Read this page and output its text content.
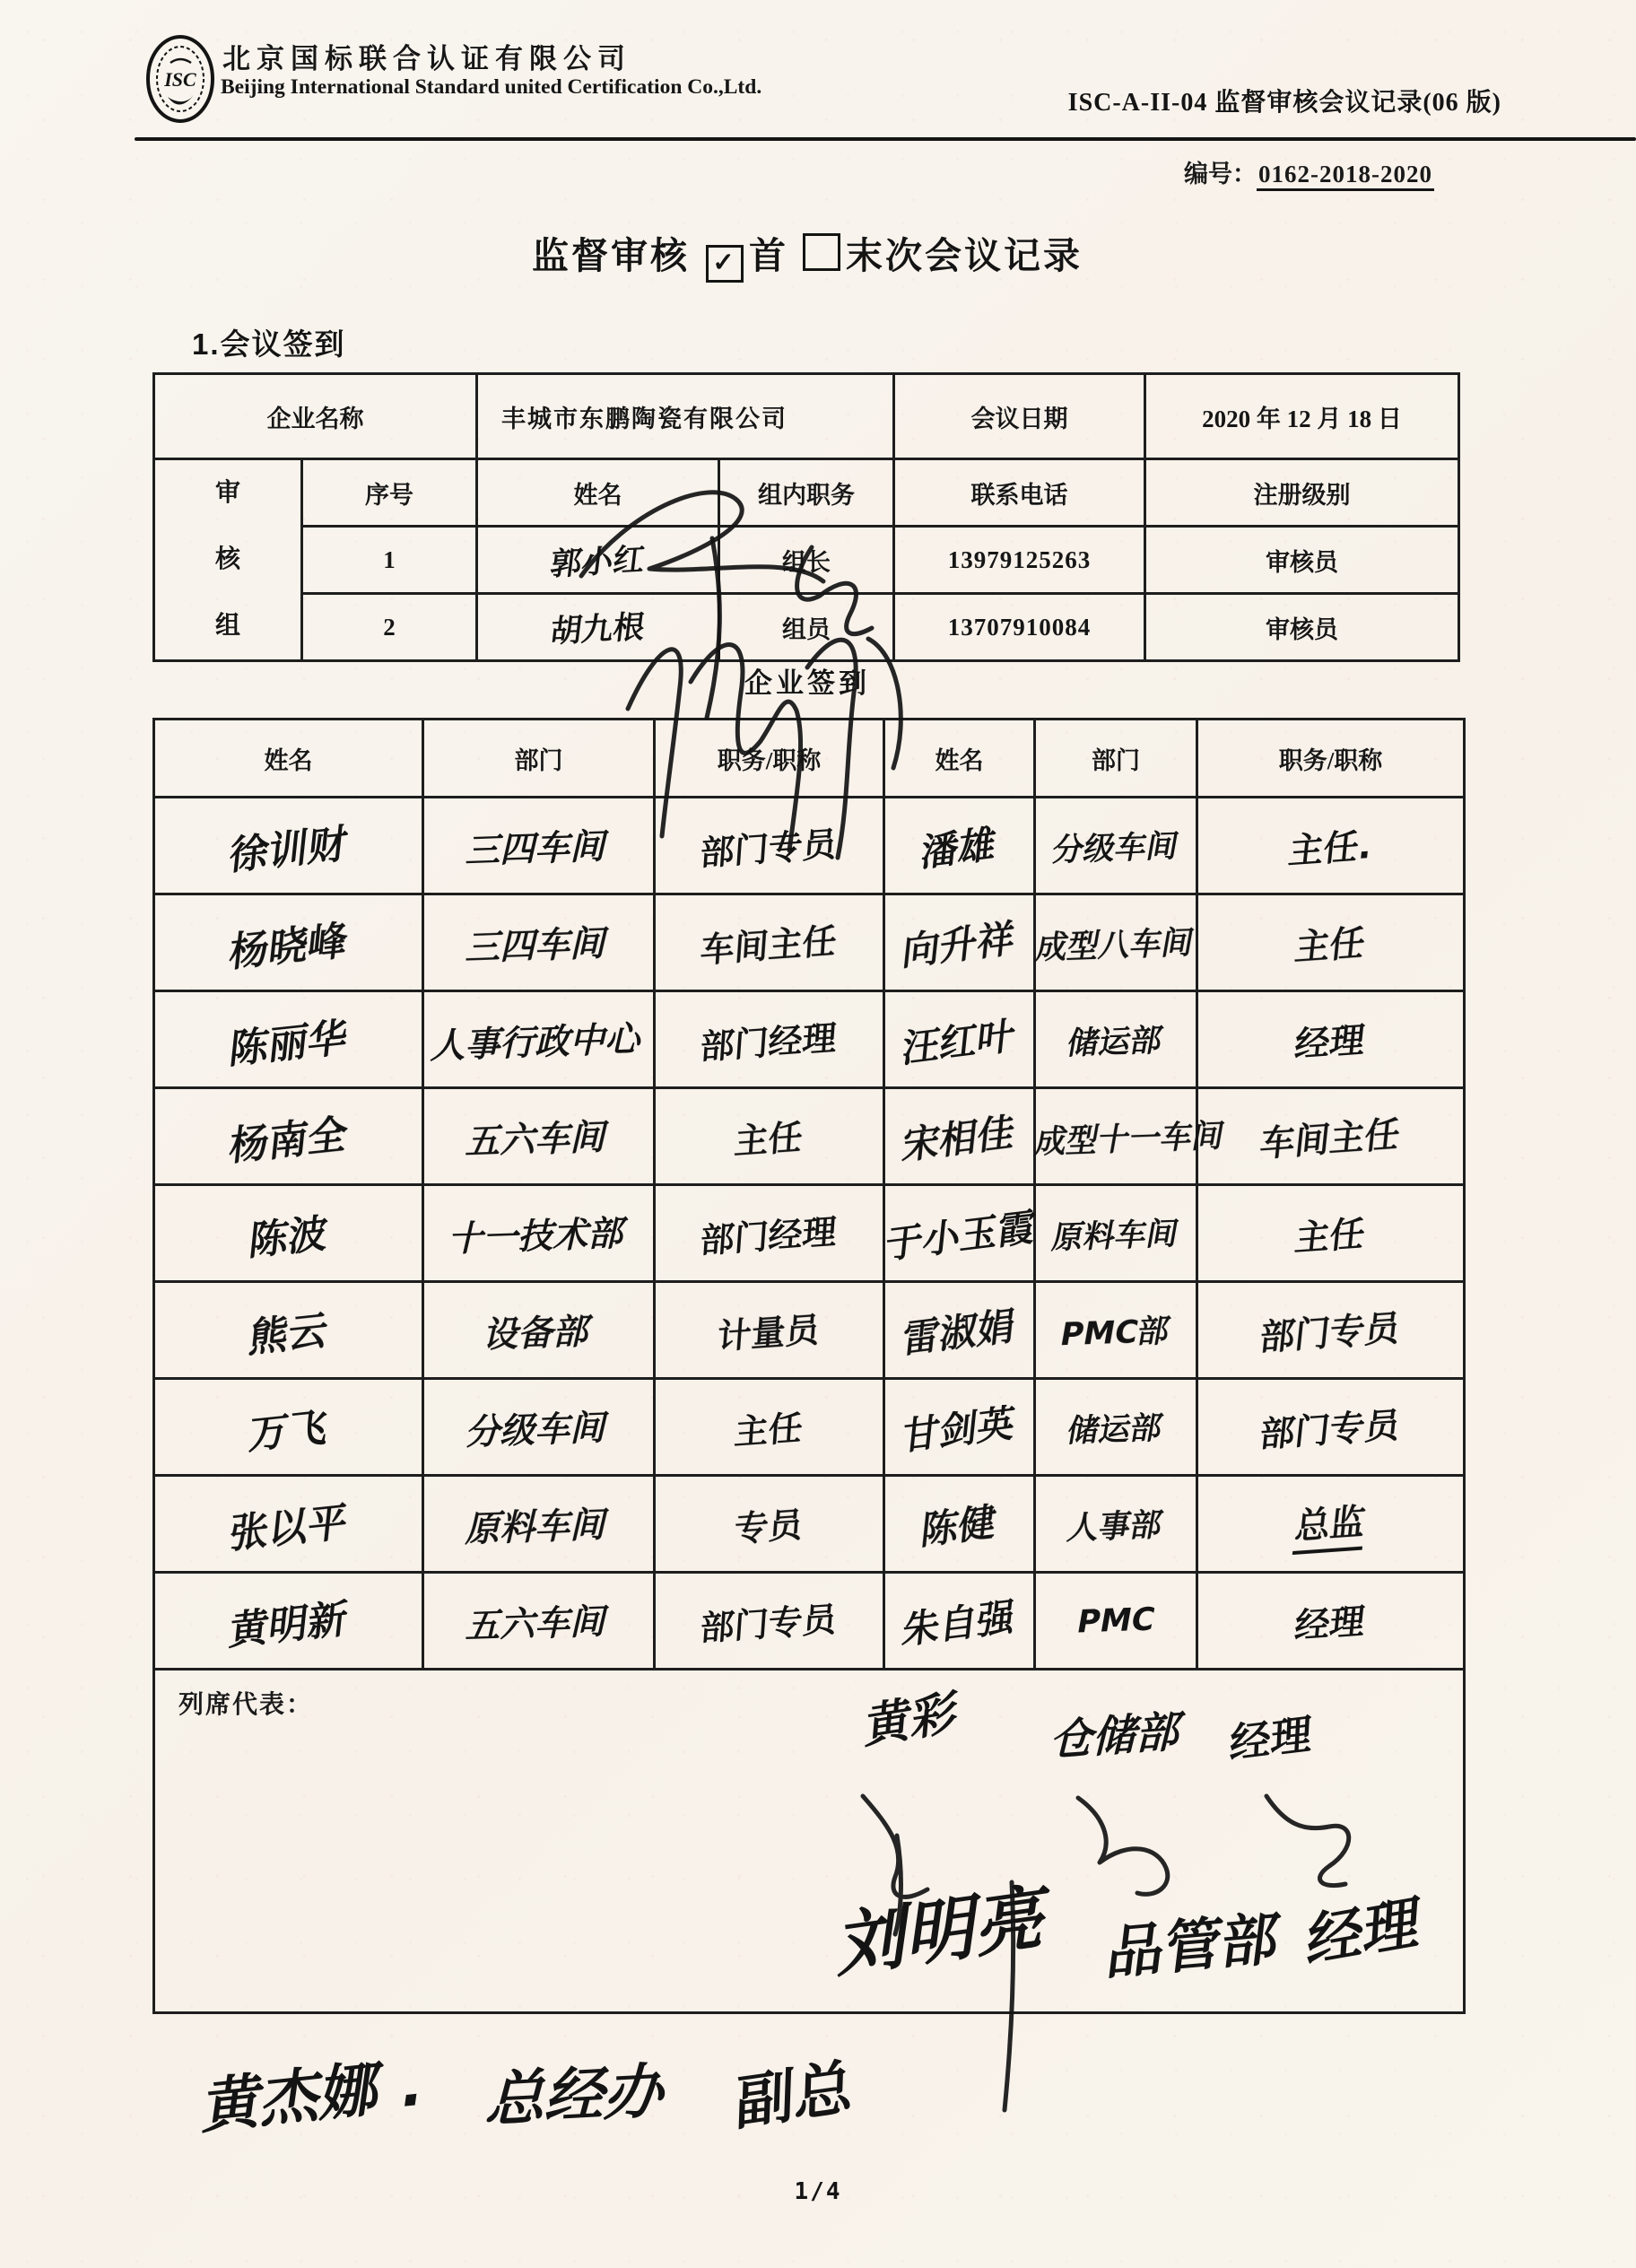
ISC
北京国标联合认证有限公司
Beijing International Standard united Certification Co.,Ltd.
ISC-A-II-04 监督审核会议记录(06 版)
编号：0162-2018-2020
监督审核 ✓ 首 末次会议记录
1.会议签到
企业名称		丰城市东鹏陶瓷有限公司		会议日期	2020 年 12 月 18 日

审
核
组	序号	姓名	组内职务	联系电话	注册级别
	1	郭小红	组长	13979125263	审核员
	2	胡九根	组员	13707910084	审核员
企业签到
姓名	部门	职务/职称	姓名	部门	职务/职称
徐训财	三四车间	部门专员	潘雄	分级车间	主任.
杨晓峰	三四车间	车间主任	向升祥	成型八车间	主任
陈丽华	人事行政中心	部门经理	汪红叶	储运部	经理
杨南全	五六车间	主任	宋相佳	成型十一车间	车间主任
陈波	十一技术部	部门经理	于小玉霞	原料车间	主任
熊云	设备部	计量员	雷淑娟	PMC部	部门专员
万飞	分级车间	主任	甘剑英	储运部	部门专员
张以平	原料车间	专员	陈健	人事部	总监
黄明新	五六车间	部门专员	朱自强	PMC	经理

列席代表：	黄彩 仓储部 经理
刘明亮 品管部 经理
黄杰娜 . 总经办 副总
1/4
